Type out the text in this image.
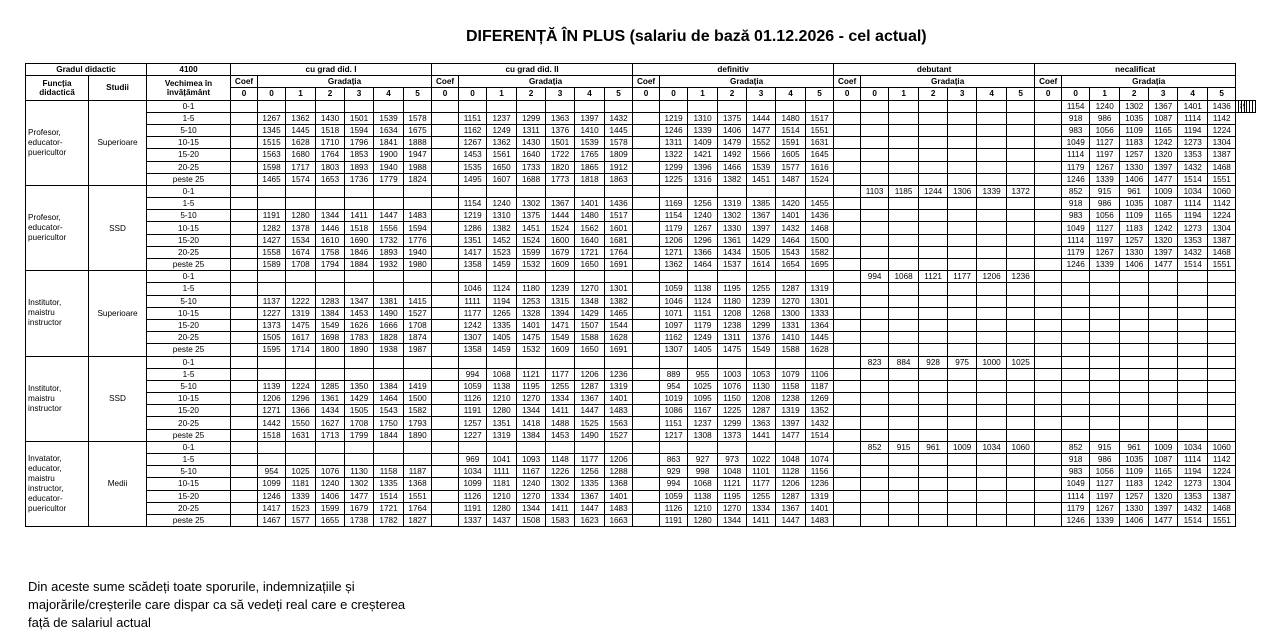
DIFERENȚĂ ÎN PLUS (salariu de bază 01.12.2026 - cel actual)
Gradul didactic		4100	cu grad did. I							cu grad did. II							definitiv							debutant							necalificat													
Funcția didactică	Studii	Vechimea în învățământ	Coef	Gradația						Coef	Gradația						Coef	Gradația						Coef	Gradația						Coef	Gradația												
			0	0	1	2	3	4	5	0	0	1	2	3	4	5	0	0	1	2	3	4	5	0	0	1	2	3	4	5	0	0	1	2	3	4	5							
Profesor, educator-puericultor	Superioare	0-1																														1154	1240	1302	1367	1401	1436							
		1-5		1267	1362	1430	1501	1539	1578		1151	1237	1299	1363	1397	1432		1219	1310	1375	1444	1480	1517									918	986	1035	1087	1114	1142							
		5-10		1345	1445	1518	1594	1634	1675		1162	1249	1311	1376	1410	1445		1246	1339	1406	1477	1514	1551									983	1056	1109	1165	1194	1224							
		10-15		1515	1628	1710	1796	1841	1888		1267	1362	1430	1501	1539	1578		1311	1409	1479	1552	1591	1631									1049	1127	1183	1242	1273	1304							
		15-20		1563	1680	1764	1853	1900	1947		1453	1561	1640	1722	1765	1809		1322	1421	1492	1566	1605	1645									1114	1197	1257	1320	1353	1387							
		20-25		1598	1717	1803	1893	1940	1988		1535	1650	1733	1820	1865	1912		1299	1396	1466	1539	1577	1616									1179	1267	1330	1397	1432	1468							
		peste 25		1465	1574	1653	1736	1779	1824		1495	1607	1688	1773	1818	1863		1225	1316	1382	1451	1487	1524									1246	1339	1406	1477	1514	1551							
Profesor, educator-puericultor	SSD	0-1																							1103	1185	1244	1306	1339	1372		852	915	961	1009	1034	1060							
		1-5									1154	1240	1302	1367	1401	1436		1169	1256	1319	1385	1420	1455									918	986	1035	1087	1114	1142							
		5-10		1191	1280	1344	1411	1447	1483		1219	1310	1375	1444	1480	1517		1154	1240	1302	1367	1401	1436									983	1056	1109	1165	1194	1224							
		10-15		1282	1378	1446	1518	1556	1594		1286	1382	1451	1524	1562	1601		1179	1267	1330	1397	1432	1468									1049	1127	1183	1242	1273	1304							
		15-20		1427	1534	1610	1690	1732	1776		1351	1452	1524	1600	1640	1681		1206	1296	1361	1429	1464	1500									1114	1197	1257	1320	1353	1387							
		20-25		1558	1674	1758	1846	1893	1940		1417	1523	1599	1679	1721	1764		1271	1366	1434	1505	1543	1582									1179	1267	1330	1397	1432	1468							
		peste 25		1589	1708	1794	1884	1932	1980		1358	1459	1532	1609	1650	1691		1362	1464	1537	1614	1654	1695									1246	1339	1406	1477	1514	1551							
Institutor, maistru instructor	Superioare	0-1																							994	1068	1121	1177	1206	1236														
		1-5									1046	1124	1180	1239	1270	1301		1059	1138	1195	1255	1287	1319																					
		5-10		1137	1222	1283	1347	1381	1415		1111	1194	1253	1315	1348	1382		1046	1124	1180	1239	1270	1301																					
		10-15		1227	1319	1384	1453	1490	1527		1177	1265	1328	1394	1429	1465		1071	1151	1208	1268	1300	1333																					
		15-20		1373	1475	1549	1626	1666	1708		1242	1335	1401	1471	1507	1544		1097	1179	1238	1299	1331	1364																					
		20-25		1505	1617	1698	1783	1828	1874		1307	1405	1475	1549	1588	1628		1162	1249	1311	1376	1410	1445																					
		peste 25		1595	1714	1800	1890	1938	1987		1358	1459	1532	1609	1650	1691		1307	1405	1475	1549	1588	1628																					
Institutor, maistru instructor	SSD	0-1																							823	884	928	975	1000	1025														
		1-5									994	1068	1121	1177	1206	1236		889	955	1003	1053	1079	1106																					
		5-10		1139	1224	1285	1350	1384	1419		1059	1138	1195	1255	1287	1319		954	1025	1076	1130	1158	1187																					
		10-15		1206	1296	1361	1429	1464	1500		1126	1210	1270	1334	1367	1401		1019	1095	1150	1208	1238	1269																					
		15-20		1271	1366	1434	1505	1543	1582		1191	1280	1344	1411	1447	1483		1086	1167	1225	1287	1319	1352																					
		20-25		1442	1550	1627	1708	1750	1793		1257	1351	1418	1488	1525	1563		1151	1237	1299	1363	1397	1432																					
		peste 25		1518	1631	1713	1799	1844	1890		1227	1319	1384	1453	1490	1527		1217	1308	1373	1441	1477	1514																					
Invatator, educator, maistru instructor, educator-puericultor	Medii	0-1																							852	915	961	1009	1034	1060		852	915	961	1009	1034	1060							
		1-5									969	1041	1093	1148	1177	1206		863	927	973	1022	1048	1074									918	986	1035	1087	1114	1142							
		5-10		954	1025	1076	1130	1158	1187		1034	1111	1167	1226	1256	1288		929	998	1048	1101	1128	1156									983	1056	1109	1165	1194	1224							
		10-15		1099	1181	1240	1302	1335	1368		1099	1181	1240	1302	1335	1368		994	1068	1121	1177	1206	1236									1049	1127	1183	1242	1273	1304							
		15-20		1246	1339	1406	1477	1514	1551		1126	1210	1270	1334	1367	1401		1059	1138	1195	1255	1287	1319									1114	1197	1257	1320	1353	1387							
		20-25		1417	1523	1599	1679	1721	1764		1191	1280	1344	1411	1447	1483		1126	1210	1270	1334	1367	1401									1179	1267	1330	1397	1432	1468							
		peste 25		1467	1577	1655	1738	1782	1827		1337	1437	1508	1583	1623	1663		1191	1280	1344	1411	1447	1483									1246	1339	1406	1477	1514	1551							
Din aceste sume scădeți toate sporurile, indemnizațiile și majorările/creșterile care dispar ca să vedeți real care e creșterea față de salariul actual
